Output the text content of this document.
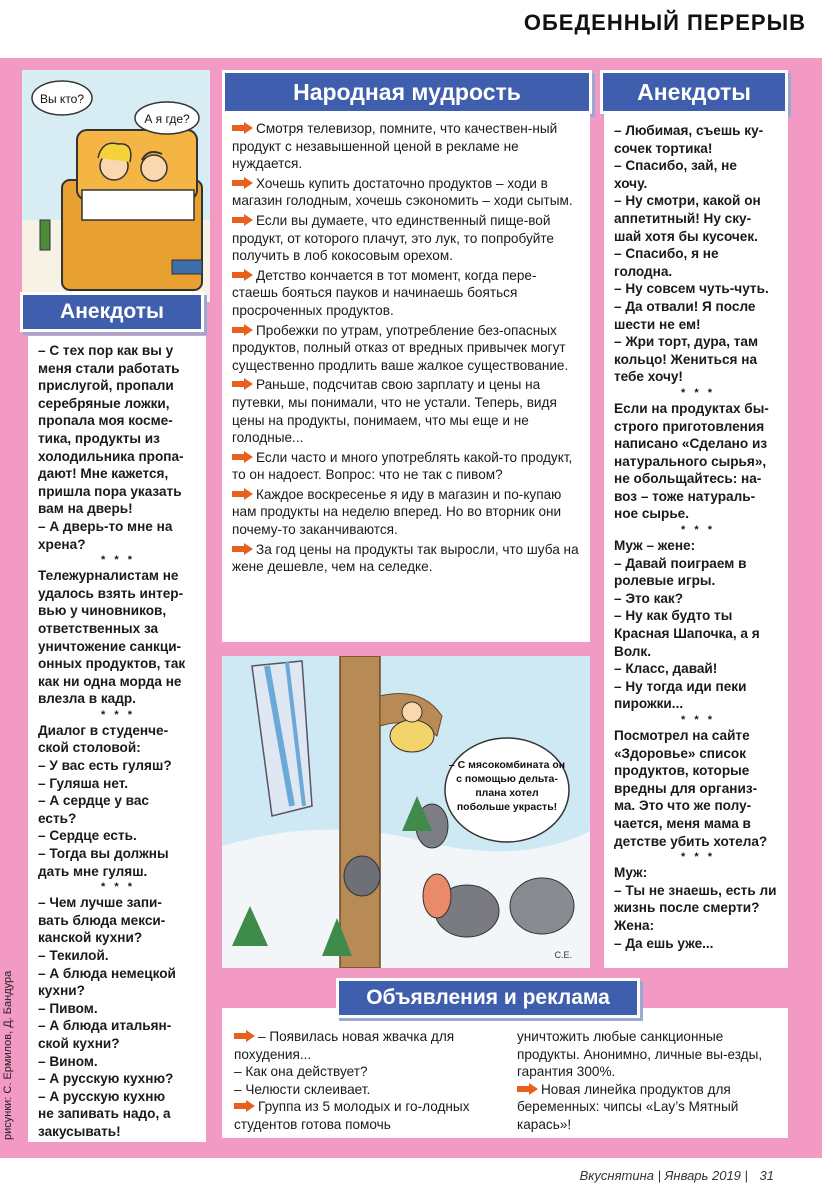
ОБЕДЕННЫЙ ПЕРЕРЫВ
Вы кто?
А я где?
Анекдоты
– С тех пор как вы у
меня стали работать
прислугой, пропали
серебряные ложки,
пропала моя косме-
тика, продукты из
холодильника пропа-
дают! Мне кажется,
пришла пора указать
вам на дверь!
– А дверь-то мне на
хрена?
* * *
Тележурналистам не
удалось взять интер-
вью у чиновников,
ответственных за
уничтожение санкци-
онных продуктов, так
как ни одна морда не
влезла в кадр.
* * *
Диалог в студенче-
ской столовой:
– У вас есть гуляш?
– Гуляша нет.
– А сердце у вас
есть?
– Сердце есть.
– Тогда вы должны
дать мне гуляш.
* * *
– Чем лучше запи-
вать блюда мекси-
канской кухни?
– Текилой.
– А блюда немецкой
кухни?
– Пивом.
– А блюда итальян-
ской кухни?
– Вином.
– А русскую кухню?
– А русскую кухню
не запивать надо, а
закусывать!
Народная мудрость
Смотря телевизор, помните, что качествен-ный продукт с незавышенной ценой в рекламе не нуждается.
Хочешь купить достаточно продуктов – ходи в магазин голодным, хочешь сэкономить – ходи сытым.
Если вы думаете, что единственный пище-вой продукт, от которого плачут, это лук, то попробуйте получить в лоб кокосовым орехом.
Детство кончается в тот момент, когда пере-стаешь бояться пауков и начинаешь бояться просроченных продуктов.
Пробежки по утрам, употребление без-опасных продуктов, полный отказ от вредных привычек могут существенно продлить ваше жалкое существование.
Раньше, подсчитав свою зарплату и цены на путевки, мы понимали, что не устали. Теперь, видя цены на продукты, понимаем, что мы еще и не голодные...
Если часто и много употреблять какой-то продукт, то он надоест. Вопрос: что не так с пивом?
Каждое воскресенье я иду в магазин и по-купаю нам продукты на неделю вперед. Но во вторник они почему-то заканчиваются.
За год цены на продукты так выросли, что шуба на жене дешевле, чем на селедке.
– С мясокомбината он
с помощью дельта-
плана хотел
побольше украсть!
С.Е.
Анекдоты
– Любимая, съешь ку-
сочек тортика!
– Спасибо, зай, не
хочу.
– Ну смотри, какой он
аппетитный! Ну ску-
шай хотя бы кусочек.
– Спасибо, я не
голодна.
– Ну совсем чуть-чуть.
– Да отвали! Я после
шести не ем!
– Жри торт, дура, там
кольцо! Жениться на
тебе хочу!
* * *
Если на продуктах бы-
строго приготовления
написано «Сделано из
натурального сырья»,
не обольщайтесь: на-
воз – тоже натураль-
ное сырье.
* * *
Муж – жене:
– Давай поиграем в
ролевые игры.
– Это как?
– Ну как будто ты
Красная Шапочка, а я
Волк.
– Класс, давай!
– Ну тогда иди пеки
пирожки...
* * *
Посмотрел на сайте
«Здоровье» список
продуктов, которые
вредны для организ-
ма. Это что же полу-
чается, меня мама в
детстве убить хотела?
* * *
Муж:
– Ты не знаешь, есть ли
жизнь после смерти?
Жена:
– Да ешь уже...
– Появилась новая жвачка для похудения...
– Как она действует?
– Челюсти склеивает.
Группа из 5 молодых и го-лодных студентов готова помочь
уничтожить любые санкционные продукты. Анонимно, личные вы-езды, гарантия 300%.
Новая линейка продуктов для беременных: чипсы «Lay’s Мятный карась»!
Объявления и реклама
рисунки: С. Ермилов, Д. Бандура
Вкуснятина | Январь 2019 | 31
